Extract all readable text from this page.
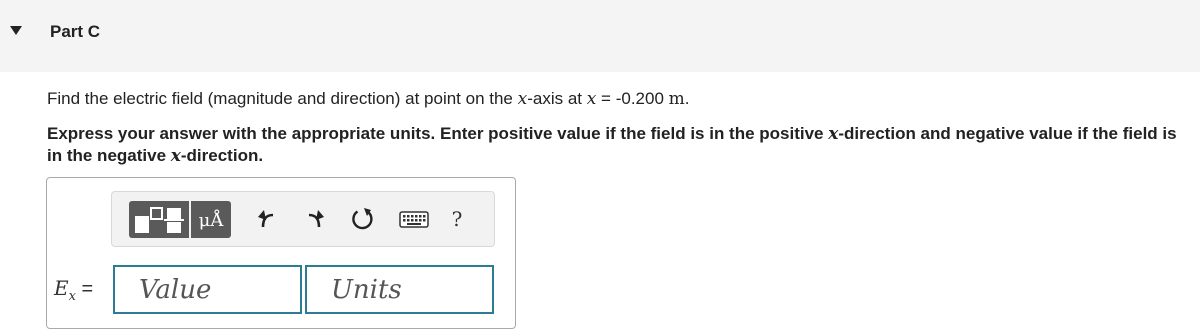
Part C
Find the electric field (magnitude and direction) at point on the x-axis at x = -0.200 m.
Express your answer with the appropriate units. Enter positive value if the field is in the positive x-direction and negative value if the field is in the negative x-direction.
μÅ	?
$E_x$ =
Value
Units
